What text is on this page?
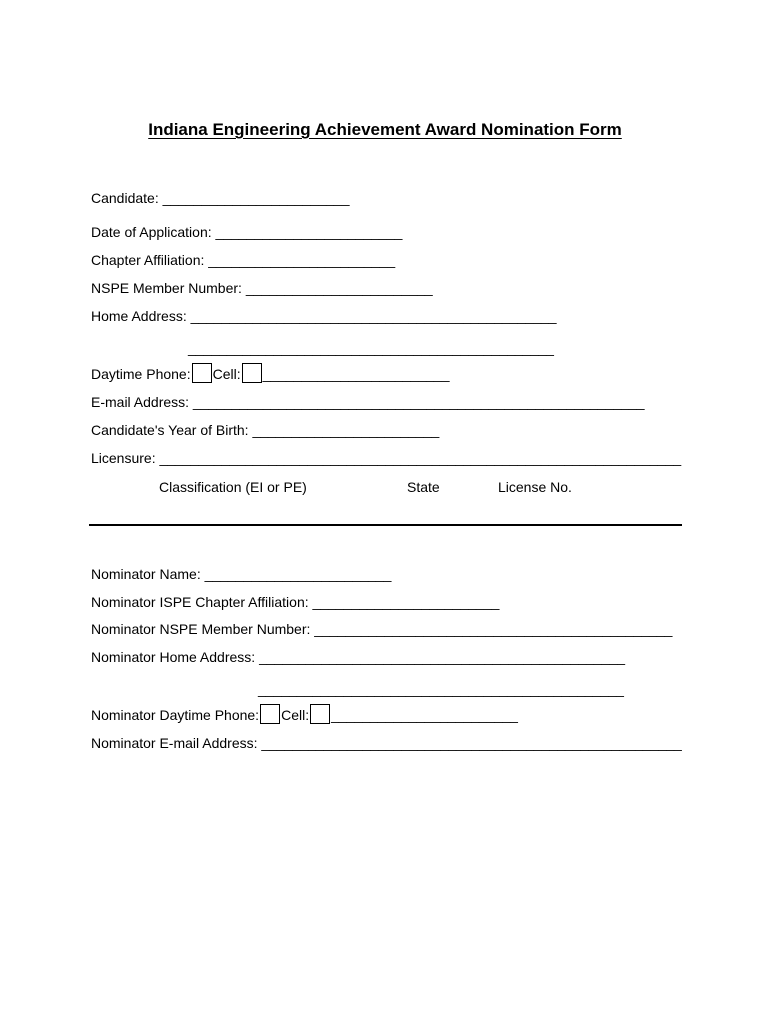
Indiana Engineering Achievement Award Nomination Form
Candidate: ________________________
Date of Application: ________________________
Chapter Affiliation: ________________________
NSPE Member Number: ________________________
Home Address: _______________________________________________
_______________________________________________
Daytime Phone: Cell: ________________________
E-mail Address: __________________________________________________________
Candidate's Year of Birth: ________________________
Licensure: ___________________________________________________________________
Classification (EI or PE)	State	License No.
Nominator Name: ________________________
Nominator ISPE Chapter Affiliation: ________________________
Nominator NSPE Member Number: ______________________________________________
Nominator Home Address: _______________________________________________
_______________________________________________
Nominator Daytime Phone: Cell: ________________________
Nominator E-mail Address: ______________________________________________________
